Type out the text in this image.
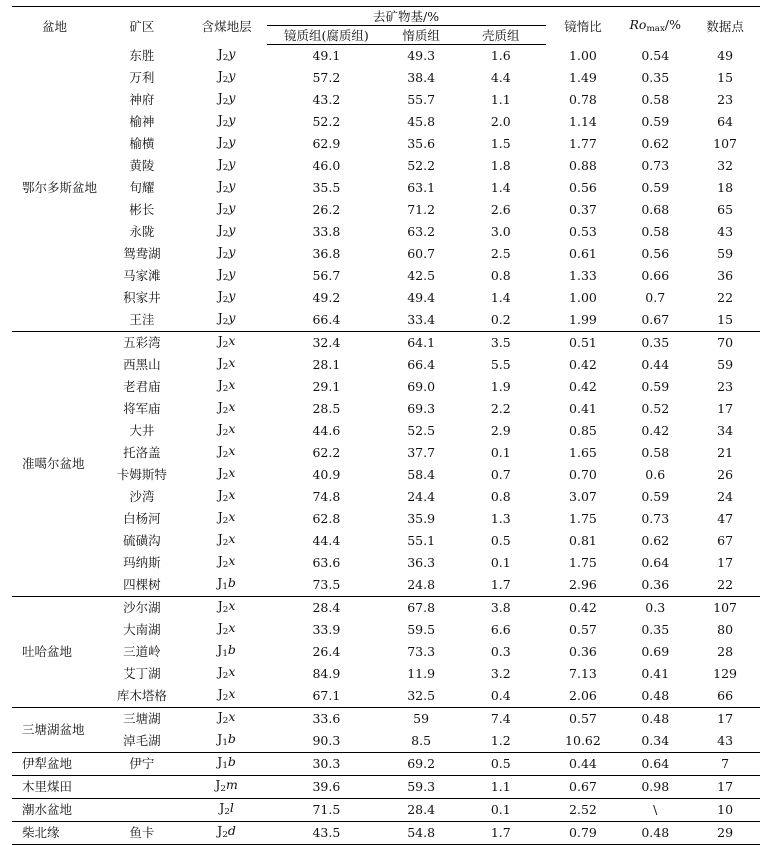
盆地	矿区	含煤地层	去矿物基/%			镜惰比	$Ro_{max}/\%$	数据点
			镜质组(腐质组)	惰质组	壳质组			
鄂尔多斯盆地	东胜	$J_2y$	49.1	49.3	1.6	1.00	0.54	49
	万利	$J_2y$	57.2	38.4	4.4	1.49	0.35	15
	神府	$J_2y$	43.2	55.7	1.1	0.78	0.58	23
	榆神	$J_2y$	52.2	45.8	2.0	1.14	0.59	64
	榆横	$J_2y$	62.9	35.6	1.5	1.77	0.62	107
	黄陵	$J_2y$	46.0	52.2	1.8	0.88	0.73	32
	旬耀	$J_2y$	35.5	63.1	1.4	0.56	0.59	18
	彬长	$J_2y$	26.2	71.2	2.6	0.37	0.68	65
	永陇	$J_2y$	33.8	63.2	3.0	0.53	0.58	43
	鸳鸯湖	$J_2y$	36.8	60.7	2.5	0.61	0.56	59
	马家滩	$J_2y$	56.7	42.5	0.8	1.33	0.66	36
	积家井	$J_2y$	49.2	49.4	1.4	1.00	0.7	22
	王洼	$J_2y$	66.4	33.4	0.2	1.99	0.67	15
准噶尔盆地	五彩湾	$J_2x$	32.4	64.1	3.5	0.51	0.35	70
	西黑山	$J_2x$	28.1	66.4	5.5	0.42	0.44	59
	老君庙	$J_2x$	29.1	69.0	1.9	0.42	0.59	23
	将军庙	$J_2x$	28.5	69.3	2.2	0.41	0.52	17
	大井	$J_2x$	44.6	52.5	2.9	0.85	0.42	34
	托洛盖	$J_2x$	62.2	37.7	0.1	1.65	0.58	21
	卡姆斯特	$J_2x$	40.9	58.4	0.7	0.70	0.6	26
	沙湾	$J_2x$	74.8	24.4	0.8	3.07	0.59	24
	白杨河	$J_2x$	62.8	35.9	1.3	1.75	0.73	47
	硫磺沟	$J_2x$	44.4	55.1	0.5	0.81	0.62	67
	玛纳斯	$J_2x$	63.6	36.3	0.1	1.75	0.64	17
	四棵树	$J_1b$	73.5	24.8	1.7	2.96	0.36	22
吐哈盆地	沙尔湖	$J_2x$	28.4	67.8	3.8	0.42	0.3	107
	大南湖	$J_2x$	33.9	59.5	6.6	0.57	0.35	80
	三道岭	$J_1b$	26.4	73.3	0.3	0.36	0.69	28
	艾丁湖	$J_2x$	84.9	11.9	3.2	7.13	0.41	129
	库木塔格	$J_2x$	67.1	32.5	0.4	2.06	0.48	66
三塘湖盆地	三塘湖	$J_2x$	33.6	59	7.4	0.57	0.48	17
	淖毛湖	$J_1b$	90.3	8.5	1.2	10.62	0.34	43
伊犁盆地	伊宁	$J_1b$	30.3	69.2	0.5	0.44	0.64	7
木里煤田		$J_2m$	39.6	59.3	1.1	0.67	0.98	17
潮水盆地		$J_2l$	71.5	28.4	0.1	2.52	\	10
柴北缘	鱼卡	$J_2d$	43.5	54.8	1.7	0.79	0.48	29
